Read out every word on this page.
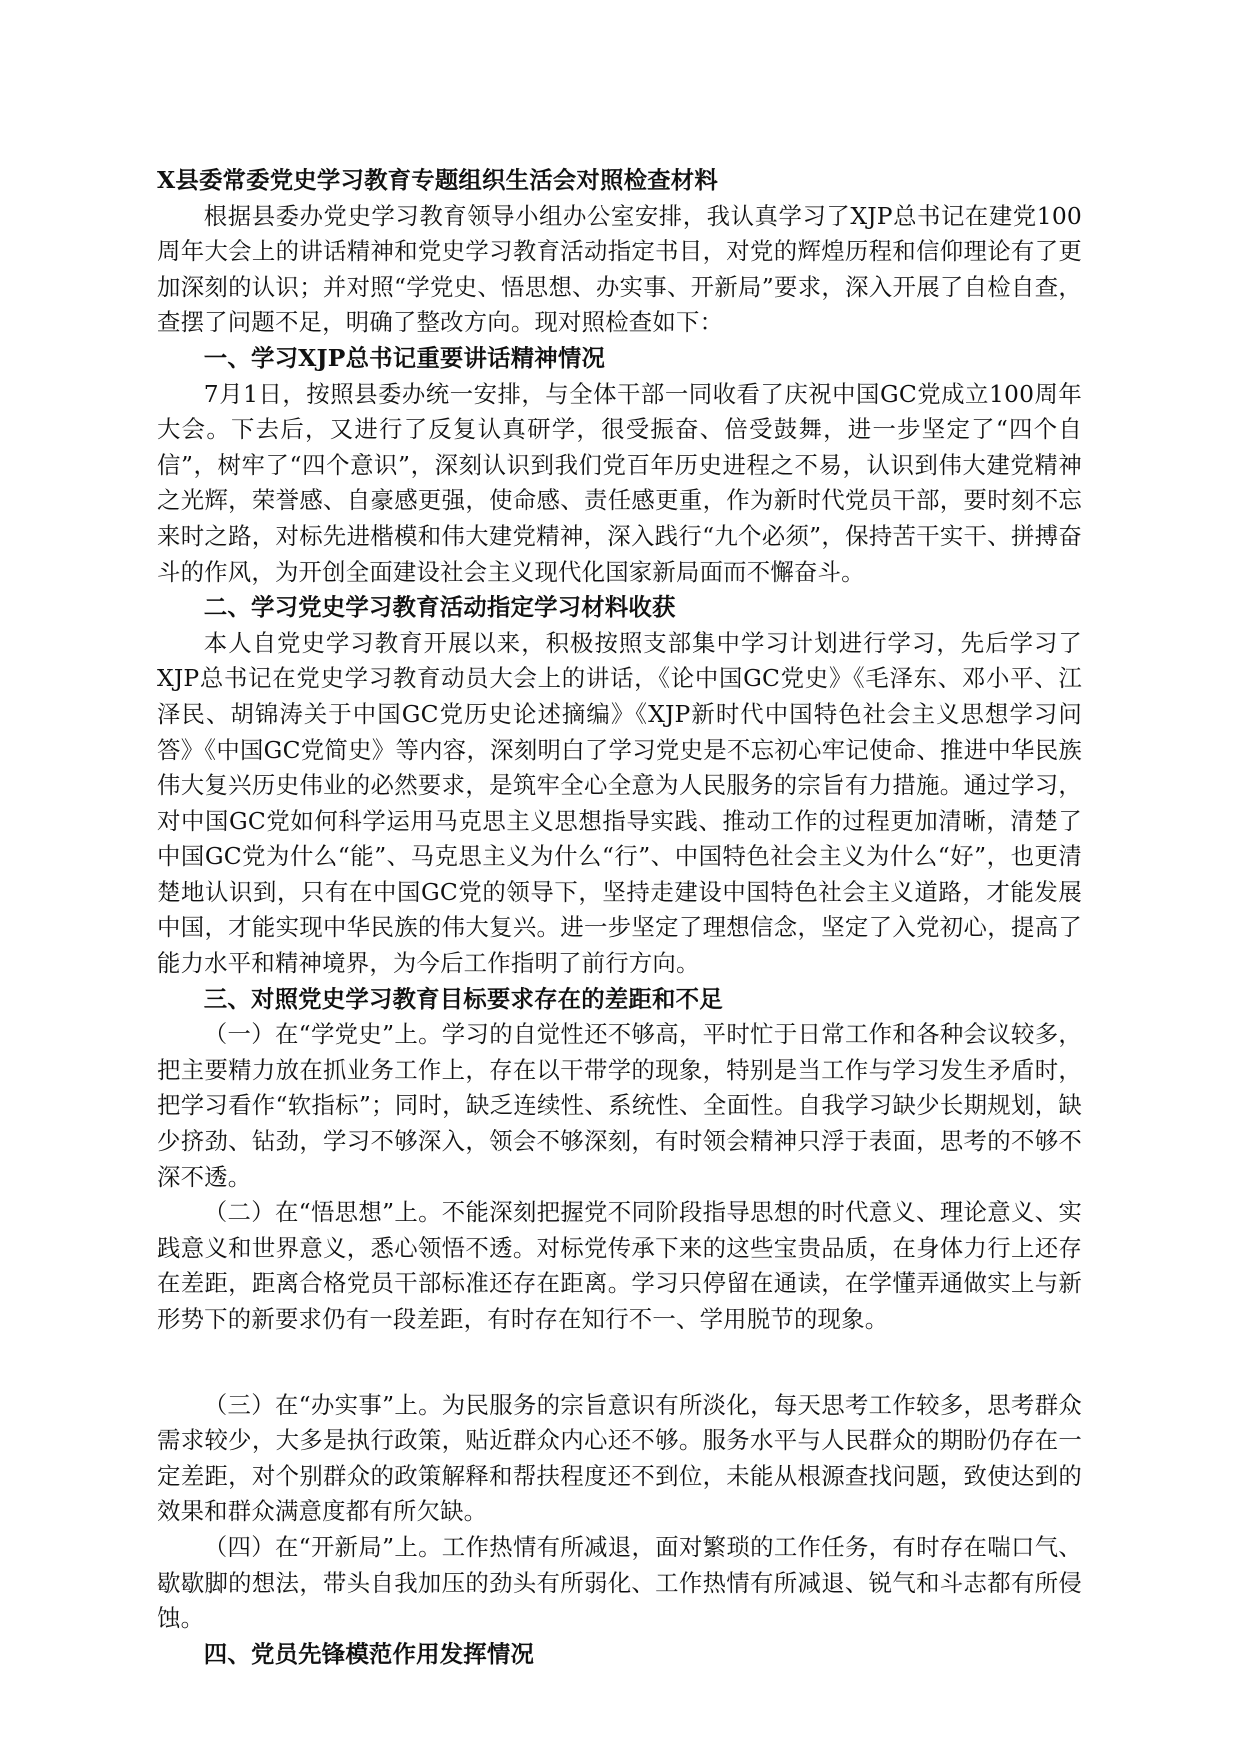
X县委常委党史学习教育专题组织生活会对照检查材料

根据县委办党史学习教育领导小组办公室安排，我认真学习了XJP总书记在建党100周年大会上的讲话精神和党史学习教育活动指定书目，对党的辉煌历程和信仰理论有了更加深刻的认识；并对照“学党史、悟思想、办实事、开新局”要求，深入开展了自检自查，查摆了问题不足，明确了整改方向。现对照检查如下：

一、学习XJP总书记重要讲话精神情况

7月1日，按照县委办统一安排，与全体干部一同收看了庆祝中国GC党成立100周年大会。下去后，又进行了反复认真研学，很受振奋、倍受鼓舞，进一步坚定了“四个自信”，树牢了“四个意识”，深刻认识到我们党百年历史进程之不易，认识到伟大建党精神之光辉，荣誉感、自豪感更强，使命感、责任感更重，作为新时代党员干部，要时刻不忘来时之路，对标先进楷模和伟大建党精神，深入践行“九个必须”，保持苦干实干、拼搏奋斗的作风，为开创全面建设社会主义现代化国家新局面而不懈奋斗。

二、学习党史学习教育活动指定学习材料收获

本人自党史学习教育开展以来，积极按照支部集中学习计划进行学习，先后学习了XJP总书记在党史学习教育动员大会上的讲话，《论中国GC党史》《毛泽东、邓小平、江泽民、胡锦涛关于中国GC党历史论述摘编》《XJP新时代中国特色社会主义思想学习问答》《中国GC党简史》等内容，深刻明白了学习党史是不忘初心牢记使命、推进中华民族伟大复兴历史伟业的必然要求，是筑牢全心全意为人民服务的宗旨有力措施。通过学习，对中国GC党如何科学运用马克思主义思想指导实践、推动工作的过程更加清晰，清楚了中国GC党为什么“能”、马克思主义为什么“行”、中国特色社会主义为什么“好”，也更清楚地认识到，只有在中国GC党的领导下，坚持走建设中国特色社会主义道路，才能发展中国，才能实现中华民族的伟大复兴。进一步坚定了理想信念，坚定了入党初心，提高了能力水平和精神境界，为今后工作指明了前行方向。

三、对照党史学习教育目标要求存在的差距和不足

（一）在“学党史”上。学习的自觉性还不够高，平时忙于日常工作和各种会议较多，把主要精力放在抓业务工作上，存在以干带学的现象，特别是当工作与学习发生矛盾时，把学习看作“软指标”；同时，缺乏连续性、系统性、全面性。自我学习缺少长期规划，缺少挤劲、钻劲，学习不够深入，领会不够深刻，有时领会精神只浮于表面，思考的不够不深不透。

（二）在“悟思想”上。不能深刻把握党不同阶段指导思想的时代意义、理论意义、实践意义和世界意义，悉心领悟不透。对标党传承下来的这些宝贵品质，在身体力行上还存在差距，距离合格党员干部标准还存在距离。学习只停留在通读，在学懂弄通做实上与新形势下的新要求仍有一段差距，有时存在知行不一、学用脱节的现象。

（三）在“办实事”上。为民服务的宗旨意识有所淡化，每天思考工作较多，思考群众需求较少，大多是执行政策，贴近群众内心还不够。服务水平与人民群众的期盼仍存在一定差距，对个别群众的政策解释和帮扶程度还不到位，未能从根源查找问题，致使达到的效果和群众满意度都有所欠缺。

（四）在“开新局”上。工作热情有所减退，面对繁琐的工作任务，有时存在喘口气、歇歇脚的想法，带头自我加压的劲头有所弱化、工作热情有所减退、锐气和斗志都有所侵蚀。

四、党员先锋模范作用发挥情况
